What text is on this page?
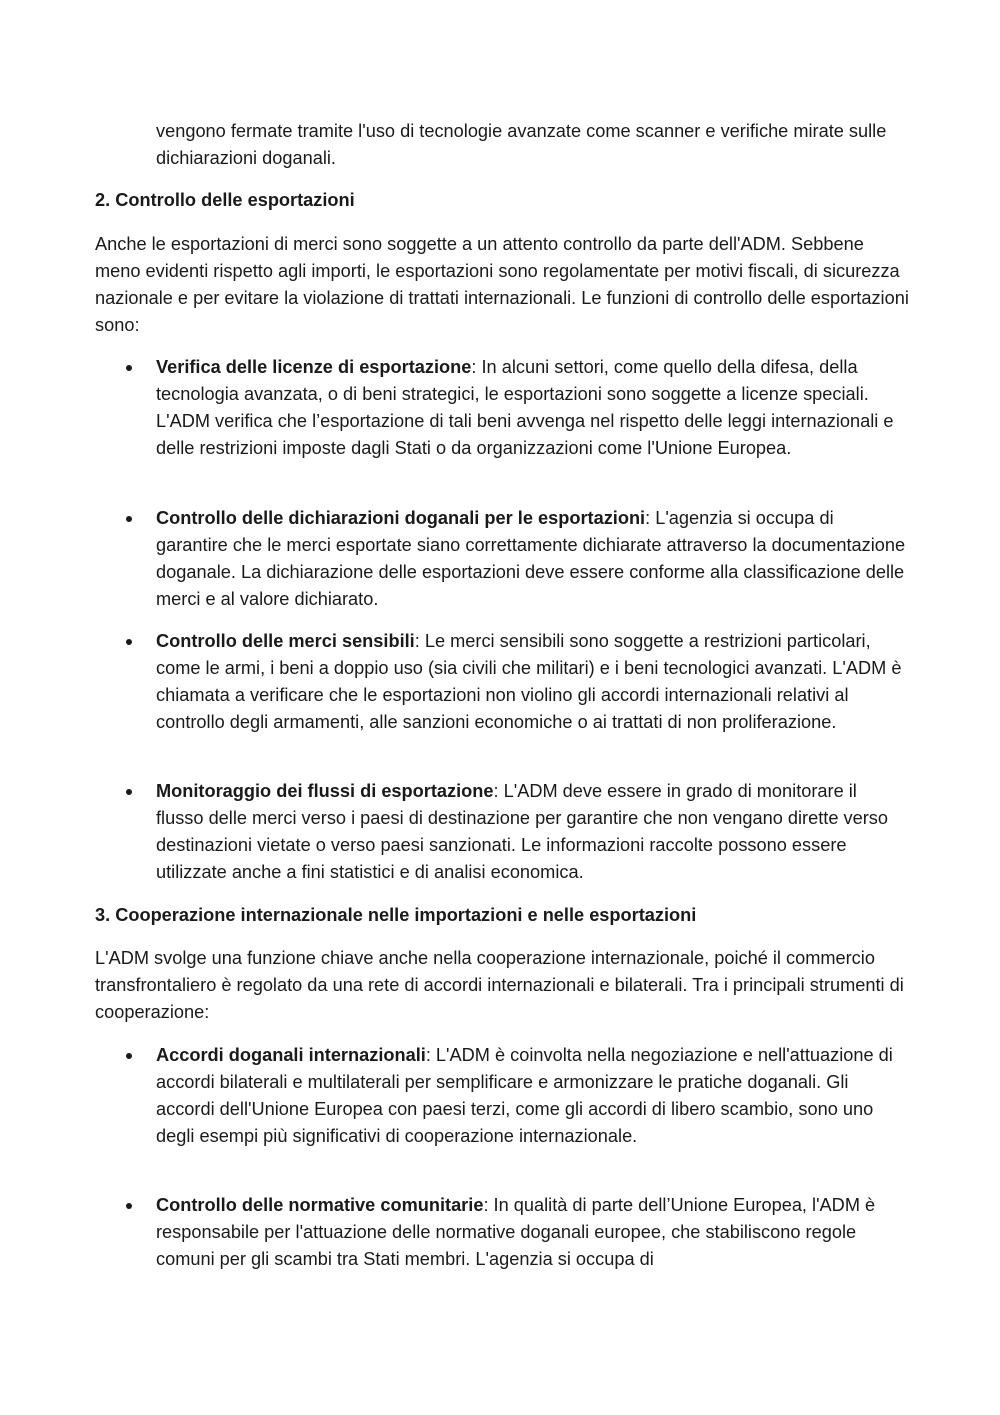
vengono fermate tramite l'uso di tecnologie avanzate come scanner e verifiche mirate sulle dichiarazioni doganali.

2. Controllo delle esportazioni

Anche le esportazioni di merci sono soggette a un attento controllo da parte dell'ADM. Sebbene meno evidenti rispetto agli importi, le esportazioni sono regolamentate per motivi fiscali, di sicurezza nazionale e per evitare la violazione di trattati internazionali. Le funzioni di controllo delle esportazioni sono:

Verifica delle licenze di esportazione: In alcuni settori, come quello della difesa, della tecnologia avanzata, o di beni strategici, le esportazioni sono soggette a licenze speciali. L'ADM verifica che l’esportazione di tali beni avvenga nel rispetto delle leggi internazionali e delle restrizioni imposte dagli Stati o da organizzazioni come l'Unione Europea.

Controllo delle dichiarazioni doganali per le esportazioni: L'agenzia si occupa di garantire che le merci esportate siano correttamente dichiarate attraverso la documentazione doganale. La dichiarazione delle esportazioni deve essere conforme alla classificazione delle merci e al valore dichiarato.

Controllo delle merci sensibili: Le merci sensibili sono soggette a restrizioni particolari, come le armi, i beni a doppio uso (sia civili che militari) e i beni tecnologici avanzati. L'ADM è chiamata a verificare che le esportazioni non violino gli accordi internazionali relativi al controllo degli armamenti, alle sanzioni economiche o ai trattati di non proliferazione.

Monitoraggio dei flussi di esportazione: L'ADM deve essere in grado di monitorare il flusso delle merci verso i paesi di destinazione per garantire che non vengano dirette verso destinazioni vietate o verso paesi sanzionati. Le informazioni raccolte possono essere utilizzate anche a fini statistici e di analisi economica.

3. Cooperazione internazionale nelle importazioni e nelle esportazioni

L'ADM svolge una funzione chiave anche nella cooperazione internazionale, poiché il commercio transfrontaliero è regolato da una rete di accordi internazionali e bilaterali. Tra i principali strumenti di cooperazione:

Accordi doganali internazionali: L'ADM è coinvolta nella negoziazione e nell'attuazione di accordi bilaterali e multilaterali per semplificare e armonizzare le pratiche doganali. Gli accordi dell'Unione Europea con paesi terzi, come gli accordi di libero scambio, sono uno degli esempi più significativi di cooperazione internazionale.

Controllo delle normative comunitarie: In qualità di parte dell’Unione Europea, l'ADM è responsabile per l'attuazione delle normative doganali europee, che stabiliscono regole comuni per gli scambi tra Stati membri. L'agenzia si occupa di
